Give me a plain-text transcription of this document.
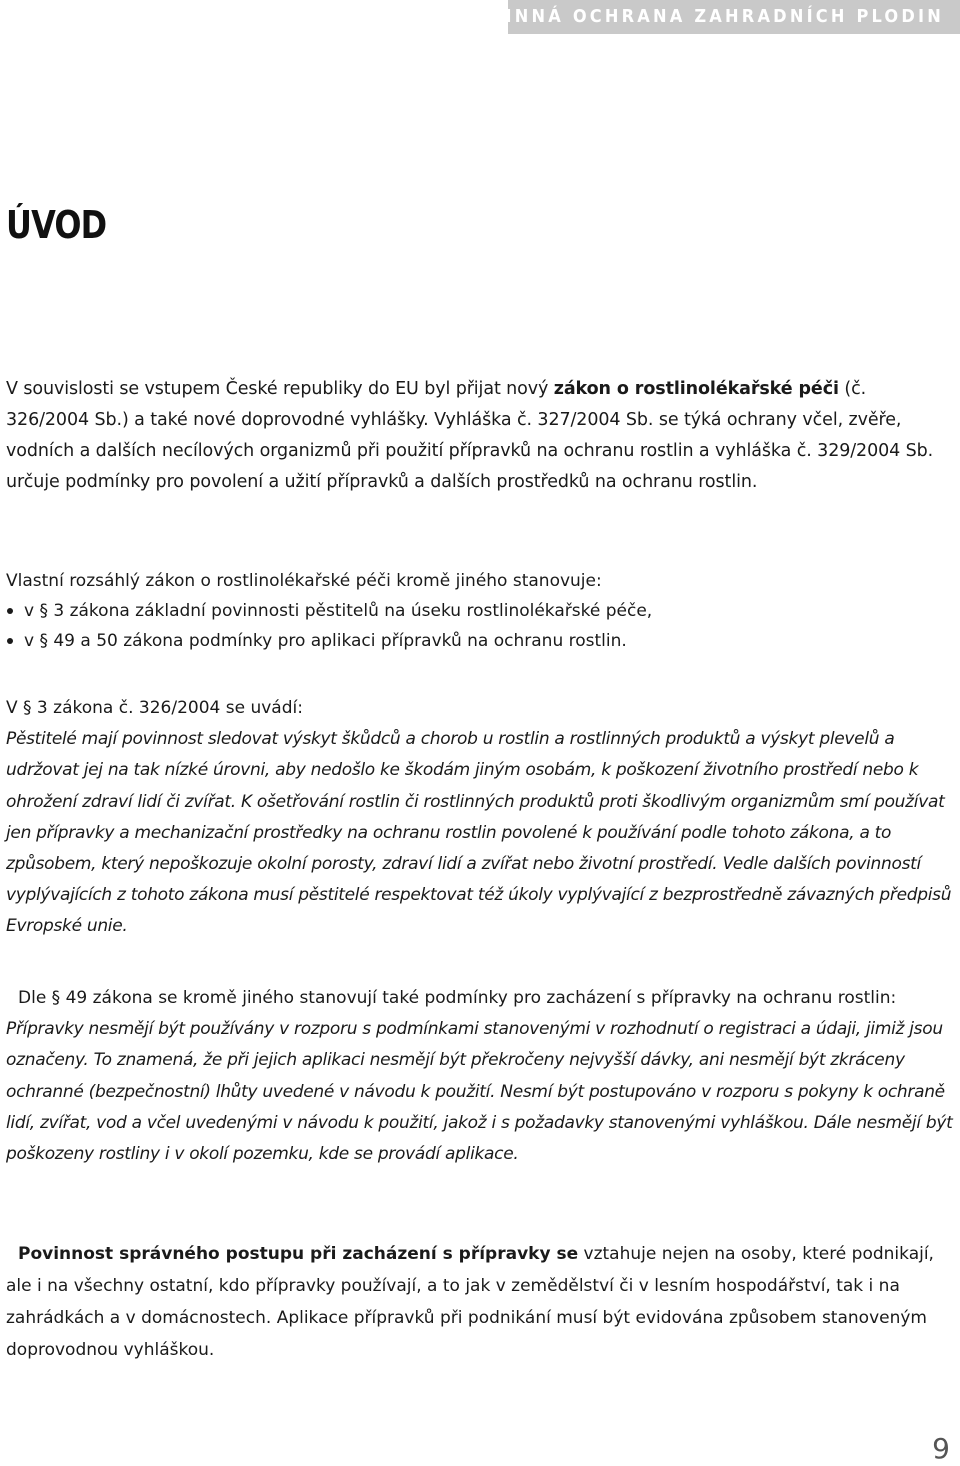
ÚČINNÁ OCHRANA ZAHRADNÍCH PLODIN
ÚVOD
V souvislosti se vstupem České republiky do EU byl přijat nový zákon o rostlinolékařské péči (č. 326/2004 Sb.) a také nové doprovodné vyhlášky. Vyhláška č. 327/2004 Sb. se týká ochrany včel, zvěře, vodních a dalších necílových organizmů při použití přípravků na ochranu rostlin a vyhláška č. 329/2004 Sb. určuje podmínky pro povolení a užití přípravků a dalších prostředků na ochranu rostlin.
Vlastní rozsáhlý zákon o rostlinolékařské péči kromě jiného stanovuje:
v § 3 zákona základní povinnosti pěstitelů na úseku rostlinolékařské péče,
v § 49 a 50 zákona podmínky pro aplikaci přípravků na ochranu rostlin.
V § 3 zákona č. 326/2004 se uvádí:
Pěstitelé mají povinnost sledovat výskyt škůdců a chorob u rostlin a rostlinných produktů a výskyt plevelů a udržovat jej na tak nízké úrovni, aby nedošlo ke škodám jiným osobám, k poškození životního prostředí nebo k ohrožení zdraví lidí či zvířat. K ošetřování rostlin či rostlinných produktů proti škodlivým organizmům smí používat jen přípravky a mechanizační prostředky na ochranu rostlin povolené k používání podle tohoto zákona, a to způsobem, který nepoškozuje okolní porosty, zdraví lidí a zvířat nebo životní prostředí. Vedle dalších povinností vyplývajících z tohoto zákona musí pěstitelé respektovat též úkoly vyplývající z bezprostředně závazných předpisů Evropské unie.
Dle § 49 zákona se kromě jiného stanovují také podmínky pro zacházení s přípravky na ochranu rostlin:
Přípravky nesmějí být používány v rozporu s podmínkami stanovenými v rozhodnutí o registraci a údaji, jimiž jsou označeny. To znamená, že při jejich aplikaci nesmějí být překročeny nejvyšší dávky, ani nesmějí být zkráceny ochranné (bezpečnostní) lhůty uvedené v návodu k použití. Nesmí být postupováno v rozporu s pokyny k ochraně lidí, zvířat, vod a včel uvedenými v návodu k použití, jakož i s požadavky stanovenými vyhláškou. Dále nesmějí být poškozeny rostliny i v okolí pozemku, kde se provádí aplikace.
Povinnost správného postupu při zacházení s přípravky se vztahuje nejen na osoby, které podnikají, ale i na všechny ostatní, kdo přípravky používají, a to jak v zemědělství či v lesním hospodářství, tak i na zahrádkách a v domácnostech. Aplikace přípravků při podnikání musí být evidována způsobem stanoveným doprovodnou vyhláškou.
9
